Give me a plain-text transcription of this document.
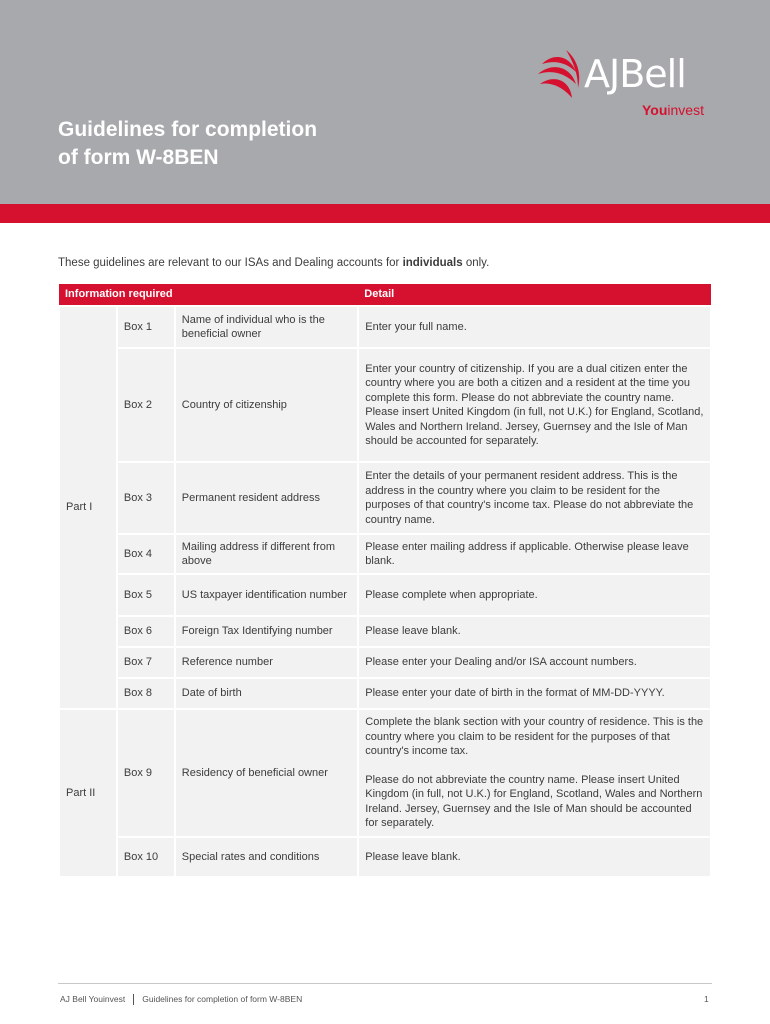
Guidelines for completion
of form W-8BEN
AJBell
Youinvest

These guidelines are relevant to our ISAs and Dealing accounts for individuals only.

Information required			Detail
Part I	Box 1	Name of individual who is the beneficial owner	Enter your full name.
	Box 2	Country of citizenship	Enter your country of citizenship. If you are a dual citizen enter the country where you are both a citizen and a resident at the time you complete this form. Please do not abbreviate the country name. Please insert United Kingdom (in full, not U.K.) for England, Scotland, Wales and Northern Ireland. Jersey, Guernsey and the Isle of Man should be accounted for separately.
	Box 3	Permanent resident address	Enter the details of your permanent resident address. This is the address in the country where you claim to be resident for the purposes of that country's income tax. Please do not abbreviate the country name.
	Box 4	Mailing address if different from above	Please enter mailing address if applicable. Otherwise please leave blank.
	Box 5	US taxpayer identification number	Please complete when appropriate.
	Box 6	Foreign Tax Identifying number	Please leave blank.
	Box 7	Reference number	Please enter your Dealing and/or ISA account numbers.
	Box 8	Date of birth	Please enter your date of birth in the format of MM-DD-YYYY.
Part II	Box 9	Residency of beneficial owner	Complete the blank section with your country of residence. This is the country where you claim to be resident for the purposes of that country's income tax.
Please do not abbreviate the country name. Please insert United Kingdom (in full, not U.K.) for England, Scotland, Wales and Northern Ireland. Jersey, Guernsey and the Isle of Man should be accounted for separately.

	Box 10	Special rates and conditions	Please leave blank.
AJ Bell Youinvest Guidelines for completion of form W-8BEN	1
